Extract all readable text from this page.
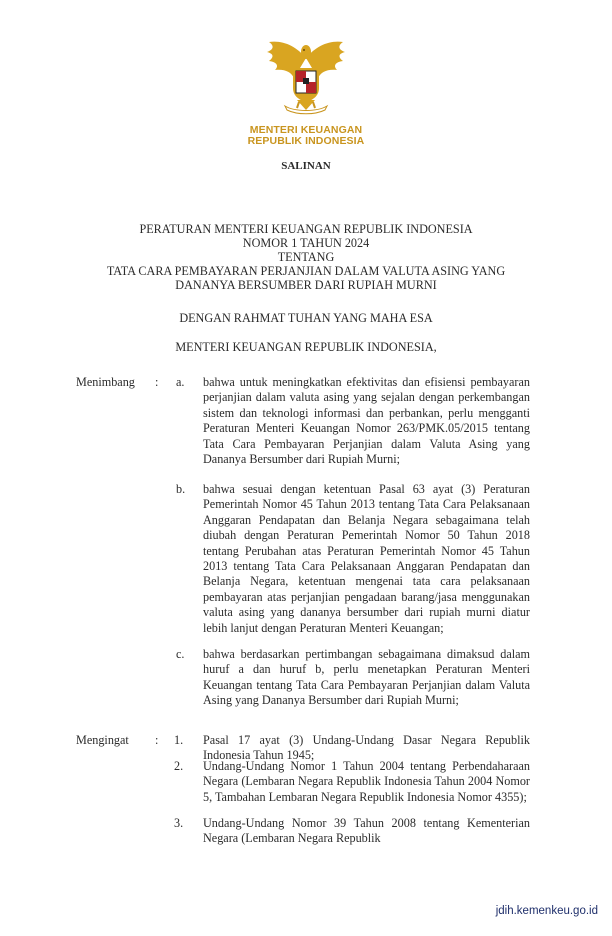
MENTERI KEUANGAN
REPUBLIK INDONESIA
SALINAN
PERATURAN MENTERI KEUANGAN REPUBLIK INDONESIA
NOMOR 1 TAHUN 2024
TENTANG
TATA CARA PEMBAYARAN PERJANJIAN DALAM VALUTA ASING YANG
DANANYA BERSUMBER DARI RUPIAH MURNI
DENGAN RAHMAT TUHAN YANG MAHA ESA
MENTERI KEUANGAN REPUBLIK INDONESIA,
Menimbang : a. bahwa untuk meningkatkan efektivitas dan efisiensi pembayaran perjanjian dalam valuta asing yang sejalan dengan perkembangan sistem dan teknologi informasi dan perbankan, perlu mengganti Peraturan Menteri Keuangan Nomor 263/PMK.05/2015 tentang Tata Cara Pembayaran Perjanjian dalam Valuta Asing yang Dananya Bersumber dari Rupiah Murni;
b. bahwa sesuai dengan ketentuan Pasal 63 ayat (3) Peraturan Pemerintah Nomor 45 Tahun 2013 tentang Tata Cara Pelaksanaan Anggaran Pendapatan dan Belanja Negara sebagaimana telah diubah dengan Peraturan Pemerintah Nomor 50 Tahun 2018 tentang Perubahan atas Peraturan Pemerintah Nomor 45 Tahun 2013 tentang Tata Cara Pelaksanaan Anggaran Pendapatan dan Belanja Negara, ketentuan mengenai tata cara pelaksanaan pembayaran atas perjanjian pengadaan barang/jasa menggunakan valuta asing yang dananya bersumber dari rupiah murni diatur lebih lanjut dengan Peraturan Menteri Keuangan;
c. bahwa berdasarkan pertimbangan sebagaimana dimaksud dalam huruf a dan huruf b, perlu menetapkan Peraturan Menteri Keuangan tentang Tata Cara Pembayaran Perjanjian dalam Valuta Asing yang Dananya Bersumber dari Rupiah Murni;
Mengingat : 1. Pasal 17 ayat (3) Undang-Undang Dasar Negara Republik Indonesia Tahun 1945;
2. Undang-Undang Nomor 1 Tahun 2004 tentang Perbendaharaan Negara (Lembaran Negara Republik Indonesia Tahun 2004 Nomor 5, Tambahan Lembaran Negara Republik Indonesia Nomor 4355);
3. Undang-Undang Nomor 39 Tahun 2008 tentang Kementerian Negara (Lembaran Negara Republik
jdih.kemenkeu.go.id
